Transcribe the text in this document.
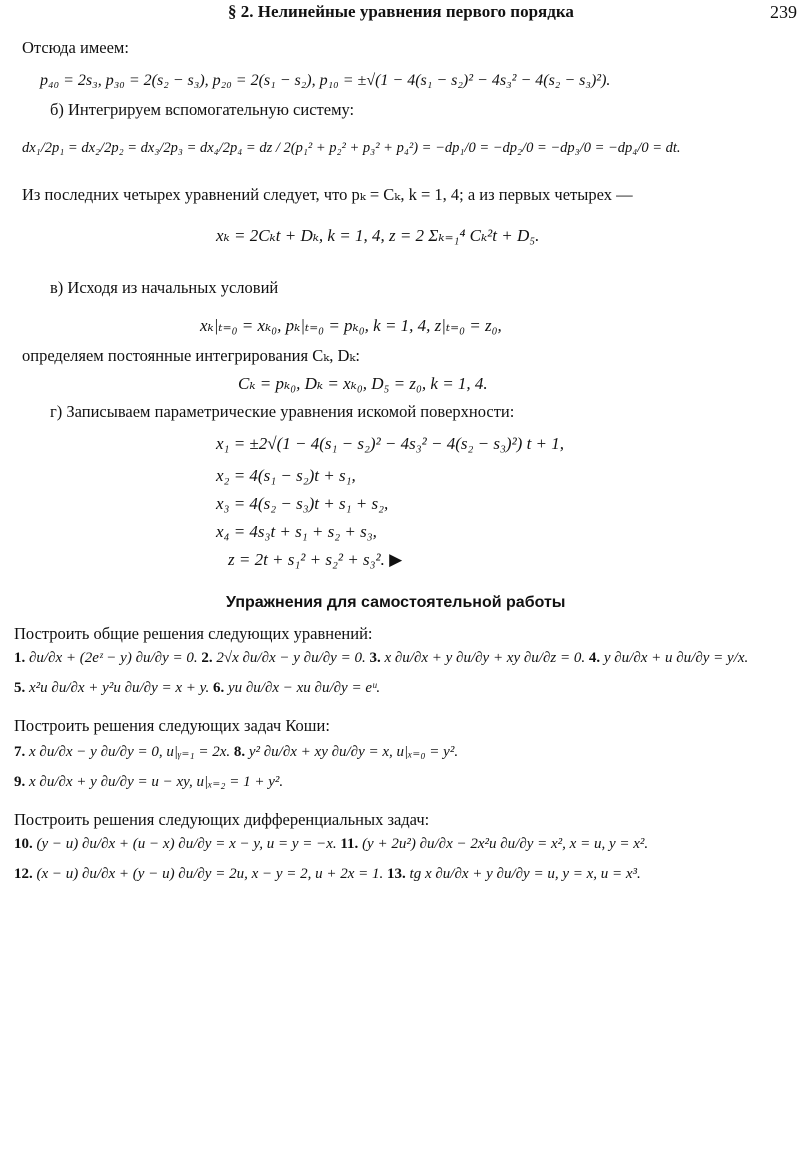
§ 2. Нелинейные уравнения первого порядка	239
Отсюда имеем:
p₄₀ = 2s₃, p₃₀ = 2(s₂ − s₃), p₂₀ = 2(s₁ − s₂), p₁₀ = ±√(1 − 4(s₁ − s₂)² − 4s₃² − 4(s₂ − s₃)²).
б) Интегрируем вспомогательную систему:
dx₁/2p₁ = dx₂/2p₂ = dx₃/2p₃ = dx₄/2p₄ = dz / 2(p₁² + p₂² + p₃² + p₄²) = −dp₁/0 = −dp₂/0 = −dp₃/0 = −dp₄/0 = dt.
Из последних четырех уравнений следует, что pₖ = Cₖ, k = 1, 4; а из первых четырех —
xₖ = 2Cₖt + Dₖ, k = 1, 4, z = 2 Σₖ₌₁⁴ Cₖ²t + D₅.
в) Исходя из начальных условий
xₖ|ₜ₌₀ = xₖ₀, pₖ|ₜ₌₀ = pₖ₀, k = 1, 4, z|ₜ₌₀ = z₀,
определяем постоянные интегрирования Cₖ, Dₖ:
Cₖ = pₖ₀, Dₖ = xₖ₀, D₅ = z₀, k = 1, 4.
г) Записываем параметрические уравнения искомой поверхности:
x₁ = ±2√(1 − 4(s₁ − s₂)² − 4s₃² − 4(s₂ − s₃)²) t + 1,
x₂ = 4(s₁ − s₂)t + s₁,
x₃ = 4(s₂ − s₃)t + s₁ + s₂,
x₄ = 4s₃t + s₁ + s₂ + s₃,
z = 2t + s₁² + s₂² + s₃². ▶
Упражнения для самостоятельной работы
Построить общие решения следующих уравнений:
1. ∂u/∂x + (2eᶻ − y) ∂u/∂y = 0. 2. 2√x ∂u/∂x − y ∂u/∂y = 0. 3. x ∂u/∂x + y ∂u/∂y + xy ∂u/∂z = 0. 4. y ∂u/∂x + u ∂u/∂y = y/x.
5. x²u ∂u/∂x + y²u ∂u/∂y = x + y. 6. yu ∂u/∂x − xu ∂u/∂y = eᵘ.
Построить решения следующих задач Коши:
7. x ∂u/∂x − y ∂u/∂y = 0, u|ᵧ₌₁ = 2x. 8. y² ∂u/∂x + xy ∂u/∂y = x, u|ₓ₌₀ = y².
9. x ∂u/∂x + y ∂u/∂y = u − xy, u|ₓ₌₂ = 1 + y².
Построить решения следующих дифференциальных задач:
10. (y − u) ∂u/∂x + (u − x) ∂u/∂y = x − y, u = y = −x. 11. (y + 2u²) ∂u/∂x − 2x²u ∂u/∂y = x², x = u, y = x².
12. (x − u) ∂u/∂x + (y − u) ∂u/∂y = 2u, x − y = 2, u + 2x = 1. 13. tg x ∂u/∂x + y ∂u/∂y = u, y = x, u = x³.
